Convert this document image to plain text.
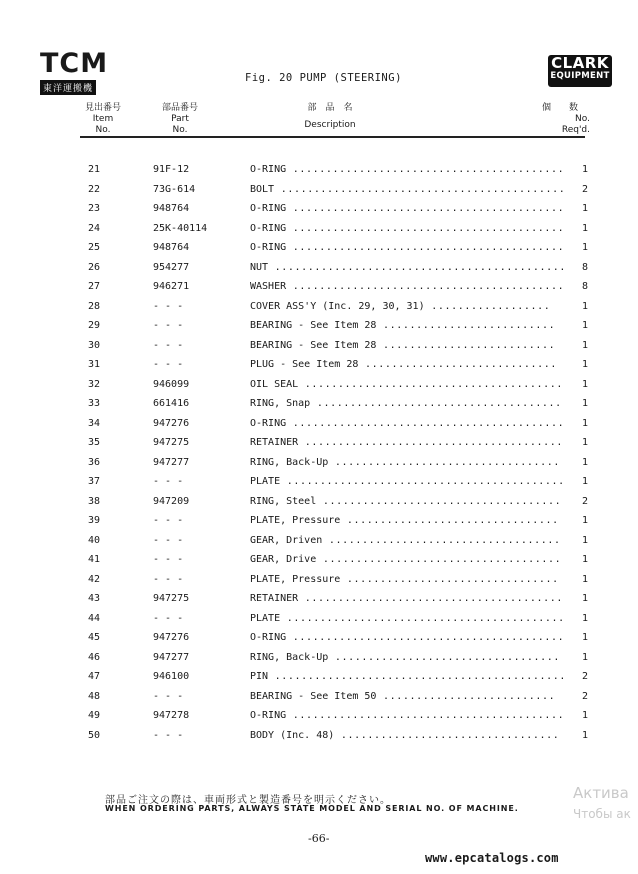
TCM
東洋運搬機
Fig. 20 PUMP (STEERING)
CLARK
EQUIPMENT
見出番号
Item
No.
部品番号
Part
No.
部　品　名
Description
個　　数
No.
Req'd.
21	91F-12	O-RING .........................................	1
22	73G-614	BOLT ...........................................	2
23	948764	O-RING .........................................	1
24	25K-40114	O-RING .........................................	1
25	948764	O-RING .........................................	1
26	954277	NUT ............................................	8
27	946271	WASHER .........................................	8
28	- - -	COVER ASS'Y (Inc. 29, 30, 31) ..................	1
29	- - -	BEARING - See Item 28 ..........................	1
30	- - -	BEARING - See Item 28 ..........................	1
31	- - -	PLUG - See Item 28 .............................	1
32	946099	OIL SEAL .......................................	1
33	661416	RING, Snap .....................................	1
34	947276	O-RING .........................................	1
35	947275	RETAINER .......................................	1
36	947277	RING, Back-Up ..................................	1
37	- - -	PLATE ..........................................	1
38	947209	RING, Steel ....................................	2
39	- - -	PLATE, Pressure ................................	1
40	- - -	GEAR, Driven ...................................	1
41	- - -	GEAR, Drive ....................................	1
42	- - -	PLATE, Pressure ................................	1
43	947275	RETAINER .......................................	1
44	- - -	PLATE ..........................................	1
45	947276	O-RING .........................................	1
46	947277	RING, Back-Up ..................................	1
47	946100	PIN ............................................	2
48	- - -	BEARING - See Item 50 ..........................	2
49	947278	O-RING .........................................	1
50	- - -	BODY (Inc. 48) .................................	1
部品ご注文の際は、車両形式と製造番号を明示ください。
WHEN ORDERING PARTS, ALWAYS STATE MODEL AND SERIAL NO. OF MACHINE.
-66-
www.epcatalogs.com
Актива
Чтобы ак
